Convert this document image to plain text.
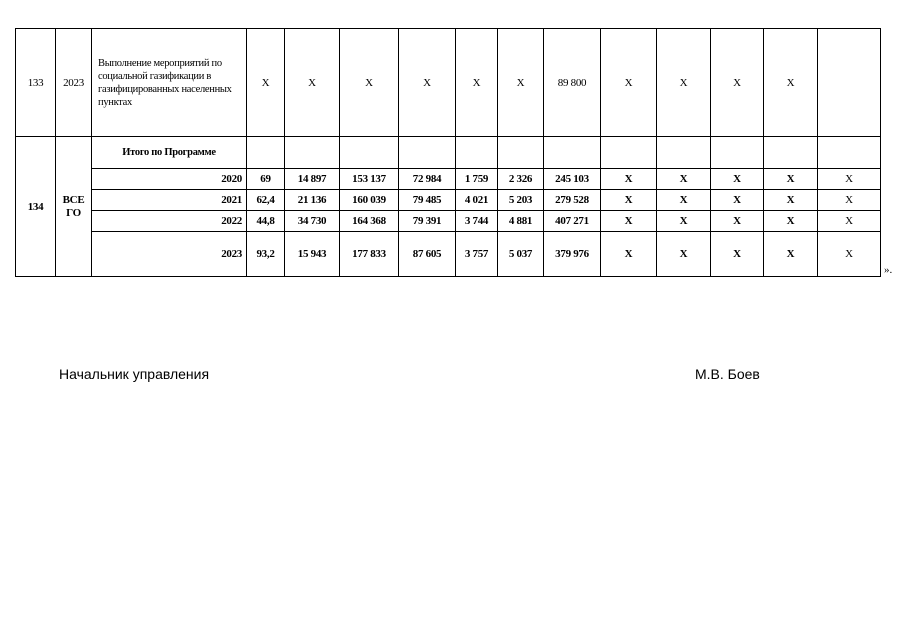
133	2023	Выполнение мероприятий по социальной газификации в газифицированных населенных пунктах	X	X	X	X	X	X	89 800	X	X	X	X	
134	ВСЕ ГО	Итого по Программе												
		2020	69	14 897	153 137	72 984	1 759	2 326	245 103	X	X	X	X	X
		2021	62,4	21 136	160 039	79 485	4 021	5 203	279 528	X	X	X	X	X
		2022	44,8	34 730	164 368	79 391	3 744	4 881	407 271	X	X	X	X	X
		2023	93,2	15 943	177 833	87 605	3 757	5 037	379 976	X	X	X	X	X
».
Начальник управления	М.В. Боев
